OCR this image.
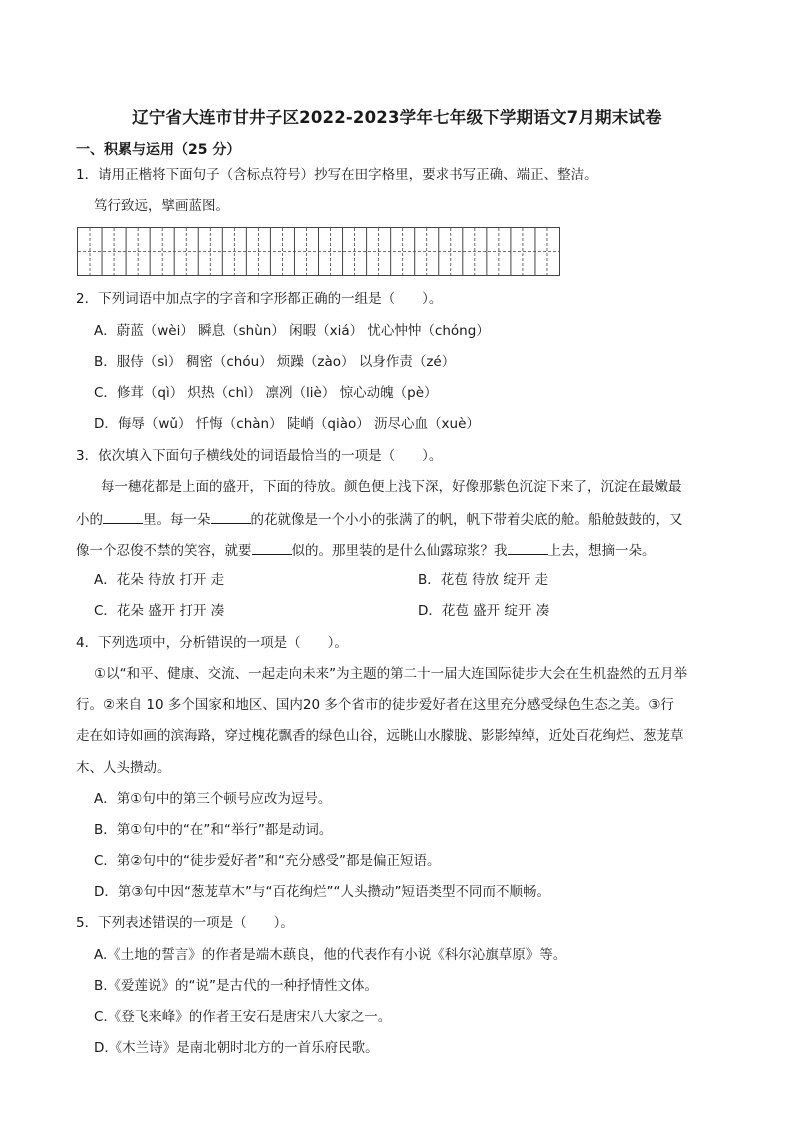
辽宁省大连市甘井子区2022-2023学年七年级下学期语文7月期末试卷
一、积累与运用（25 分）
1．请用正楷将下面句子（含标点符号）抄写在田字格里，要求书写正确、端正、整洁。
笃行致远，擘画蓝图。
2．下列词语中加点字的字音和字形都正确的一组是（　　）。
A．蔚蓝（wèi） 瞬息（shùn） 闲暇（xiá） 忧心忡忡（chóng）
B．服侍（sì） 稠密（chóu） 烦躁（zào） 以身作责（zé）
C．修茸（qì） 炽热（chì） 凛冽（liè） 惊心动魄（pè）
D．侮辱（wǔ） 忏悔（chàn） 陡峭（qiào） 沥尽心血（xuè）
3．依次填入下面句子横线处的词语最恰当的一项是（　　）。
每一穗花都是上面的盛开，下面的待放。颜色便上浅下深，好像那紫色沉淀下来了，沉淀在最嫩最
小的	里。每一朵	的花就像是一个小小的张满了的帆，帆下带着尖底的舱。船舱鼓鼓的，又
像一个忍俊不禁的笑容，就要	似的。那里装的是什么仙露琼浆？我	上去，想摘一朵。
A．花朵 待放 打开 走	B．花苞 待放 绽开 走
C．花朵 盛开 打开 凑	D．花苞 盛开 绽开 凑
4．下列选项中，分析错误的一项是（　　）。
①以“和平、健康、交流、一起走向未来”为主题的第二十一届大连国际徒步大会在生机盎然的五月举
行。②来自 10 多个国家和地区、国内20 多个省市的徒步爱好者在这里充分感受绿色生态之美。③行
走在如诗如画的滨海路，穿过槐花飘香的绿色山谷，远眺山水朦胧、影影绰绰，近处百花绚烂、葱茏草
木、人头攒动。
A．第①句中的第三个顿号应改为逗号。
B．第①句中的“在”和“举行”都是动词。
C．第②句中的“徒步爱好者”和“充分感受”都是偏正短语。
D．第③句中因“葱茏草木”与“百花绚烂”“人头攒动”短语类型不同而不顺畅。
5．下列表述错误的一项是（　　）。
A.《土地的誓言》的作者是端木蕻良，他的代表作有小说《科尔沁旗草原》等。
B.《爱莲说》的“说”是古代的一种抒情性文体。
C.《登飞来峰》的作者王安石是唐宋八大家之一。
D.《木兰诗》是南北朝时北方的一首乐府民歌。
